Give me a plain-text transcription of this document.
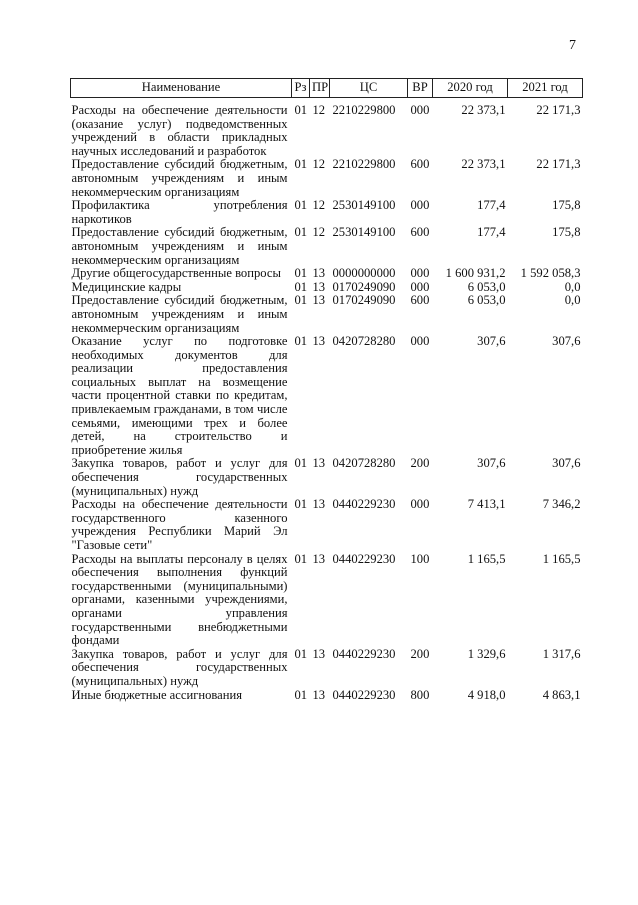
7
Наименование	Рз	ПР	ЦС	ВР	2020 год	2021 год

Расходы на обеспечение деятельности (оказание услуг) подведомственных учреждений в области прикладных научных исследований и разработок	01	12	2210229800	000	22 373,1	22 171,3
Предоставление субсидий бюджетным, автономным учреждениям и иным некоммерческим организациям	01	12	2210229800	600	22 373,1	22 171,3
Профилактика употребления наркотиков	01	12	2530149100	000	177,4	175,8
Предоставление субсидий бюджетным, автономным учреждениям и иным некоммерческим организациям	01	12	2530149100	600	177,4	175,8
Другие общегосударственные вопросы	01	13	0000000000	000	1 600 931,2	1 592 058,3
Медицинские кадры	01	13	0170249090	000	6 053,0	0,0
Предоставление субсидий бюджетным, автономным учреждениям и иным некоммерческим организациям	01	13	0170249090	600	6 053,0	0,0
Оказание услуг по подготовке необходимых документов для реализации предоставления социальных выплат на возмещение части процентной ставки по кредитам, привлекаемым гражданами, в том числе семьями, имеющими трех и более детей, на строительство и приобретение жилья	01	13	0420728280	000	307,6	307,6
Закупка товаров, работ и услуг для обеспечения государственных (муниципальных) нужд	01	13	0420728280	200	307,6	307,6
Расходы на обеспечение деятельности государственного казенного учреждения Республики Марий Эл "Газовые сети"	01	13	0440229230	000	7 413,1	7 346,2
Расходы на выплаты персоналу в целях обеспечения выполнения функций государственными (муниципальными) органами, казенными учреждениями, органами управления государственными внебюджетными фондами	01	13	0440229230	100	1 165,5	1 165,5
Закупка товаров, работ и услуг для обеспечения государственных (муниципальных) нужд	01	13	0440229230	200	1 329,6	1 317,6
Иные бюджетные ассигнования	01	13	0440229230	800	4 918,0	4 863,1
